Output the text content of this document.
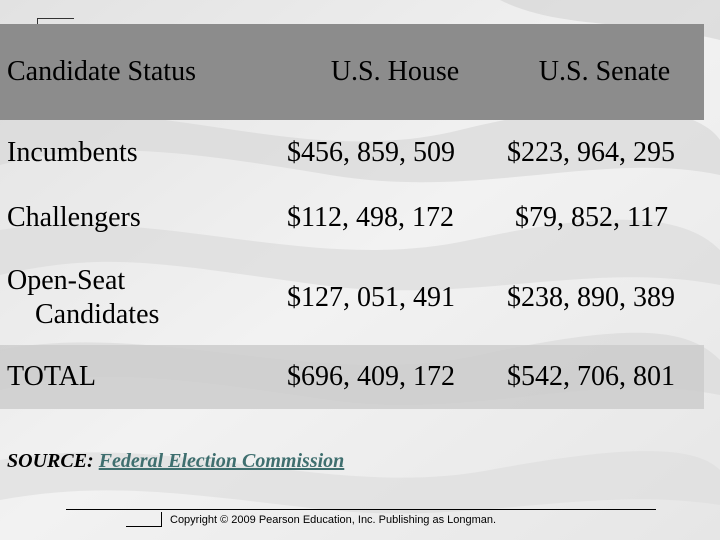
Candidate Status	U.S. House	U.S. Senate
Incumbents	$456, 859, 509	$223, 964, 295
Challengers	$112, 498, 172	$79, 852, 117
Open-Seat
Candidates	$127, 051, 491	$238, 890, 389
TOTAL	$696, 409, 172	$542, 706, 801
SOURCE: Federal Election Commission
Copyright © 2009 Pearson Education, Inc. Publishing as Longman.
